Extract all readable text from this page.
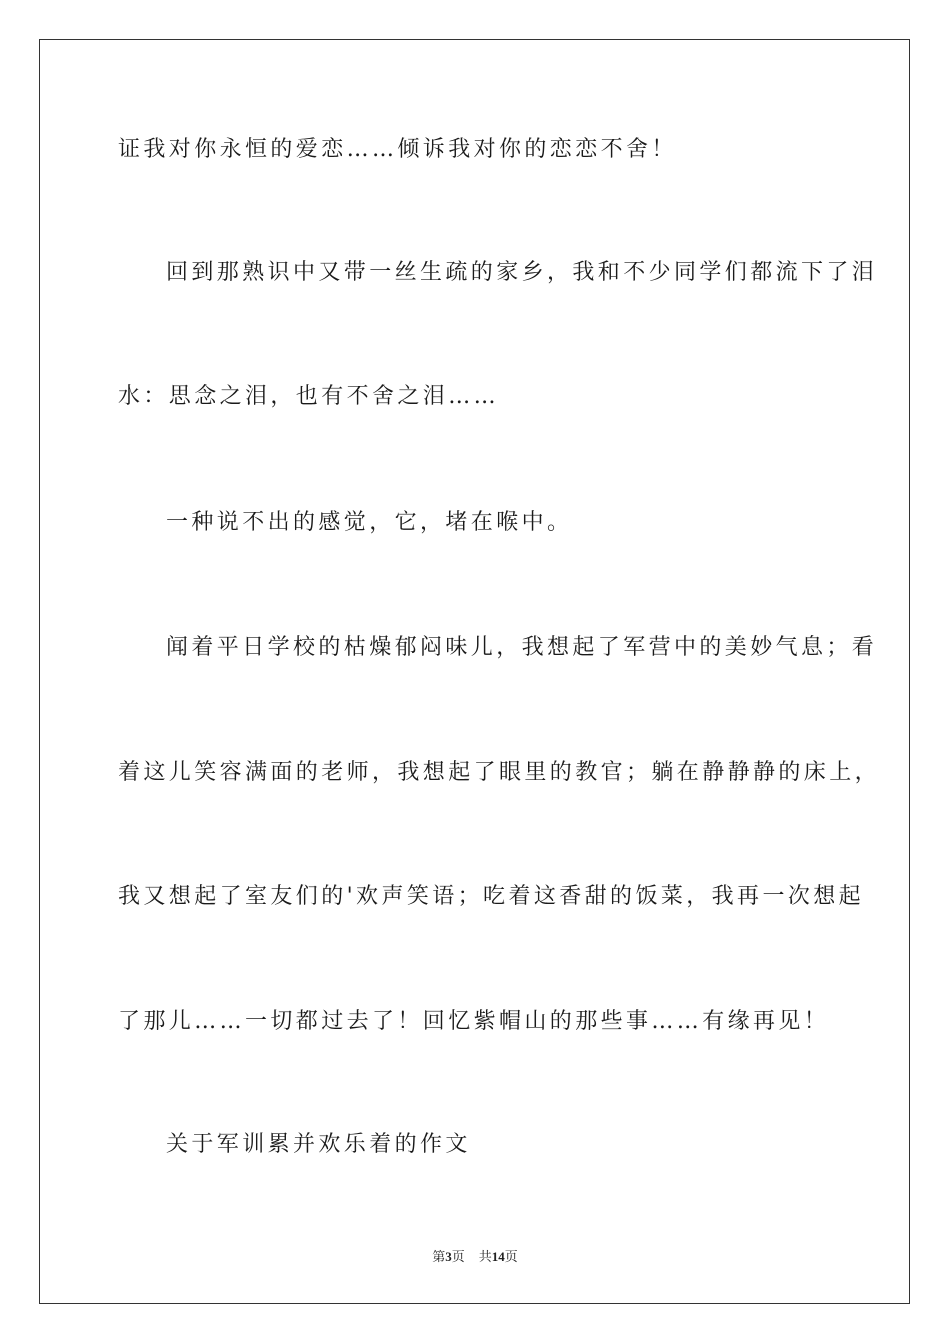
证我对你永恒的爱恋……倾诉我对你的恋恋不舍！
回到那熟识中又带一丝生疏的家乡，我和不少同学们都流下了泪
水：思念之泪，也有不舍之泪……
一种说不出的感觉，它，堵在喉中。
闻着平日学校的枯燥郁闷味儿，我想起了军营中的美妙气息；看
着这儿笑容满面的老师，我想起了眼里的教官；躺在静静静的床上，
我又想起了室友们的'欢声笑语；吃着这香甜的饭菜，我再一次想起
了那儿……一切都过去了！回忆紫帽山的那些事……有缘再见！
关于军训累并欢乐着的作文
第3页 共14页
